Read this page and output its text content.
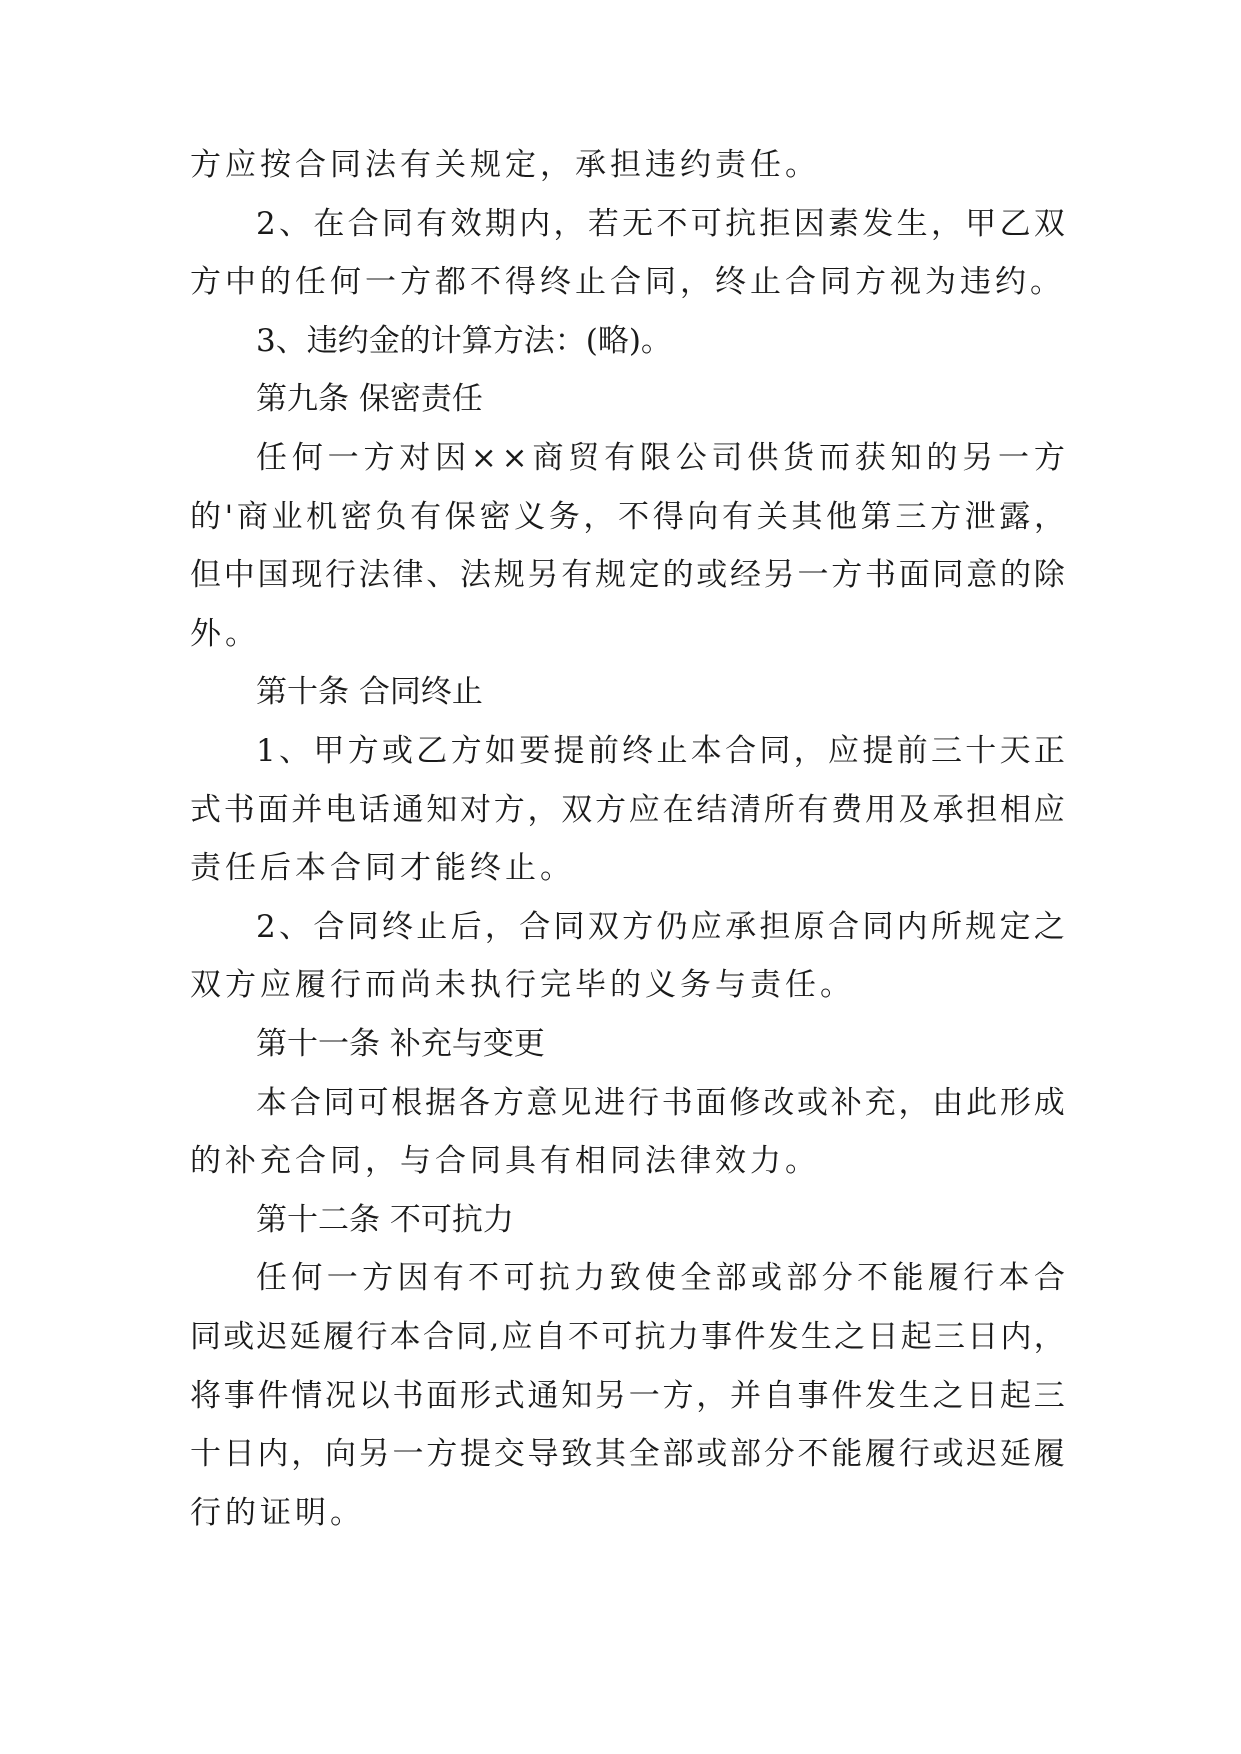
方应按合同法有关规定，承担违约责任。
2 、 在 合 同 有 效 期 内 ， 若 无 不 可 抗 拒 因 素 发 生 ， 甲 乙 双
方中的任何一方都不得终止合同，终止合同方视为违约。
3、违约金的计算方法：(略)。
第九条 保密责任
任 何 一 方 对 因 × × 商 贸 有 限 公 司 供 货 而 获 知 的 另 一 方
的 ' 商 业 机 密 负 有 保 密 义 务 ， 不 得 向 有 关 其 他 第 三 方 泄 露 ，
但 中 国 现 行 法 律 、 法 规 另 有 规 定 的 或 经 另 一 方 书 面 同 意 的 除
外。
第十条 合同终止
1 、 甲 方 或 乙 方 如 要 提 前 终 止 本 合 同 ， 应 提 前 三 十 天 正
式 书 面 并 电 话 通 知 对 方 ， 双 方 应 在 结 清 所 有 费 用 及 承 担 相 应
责任后本合同才能终止。
2 、 合 同 终 止 后 ， 合 同 双 方 仍 应 承 担 原 合 同 内 所 规 定 之
双方应履行而尚未执行完毕的义务与责任。
第十一条 补充与变更
本 合 同 可 根 据 各 方 意 见 进 行 书 面 修 改 或 补 充 ， 由 此 形 成
的补充合同，与合同具有相同法律效力。
第十二条 不可抗力
任 何 一 方 因 有 不 可 抗 力 致 使 全 部 或 部 分 不 能 履 行 本 合
同 或 迟 延 履 行 本 合 同 , 应 自 不 可 抗 力 事 件 发 生 之 日 起 三 日 内 ，
将 事 件 情 况 以 书 面 形 式 通 知 另 一 方 ， 并 自 事 件 发 生 之 日 起 三
十 日 内 ， 向 另 一 方 提 交 导 致 其 全 部 或 部 分 不 能 履 行 或 迟 延 履
行的证明。
